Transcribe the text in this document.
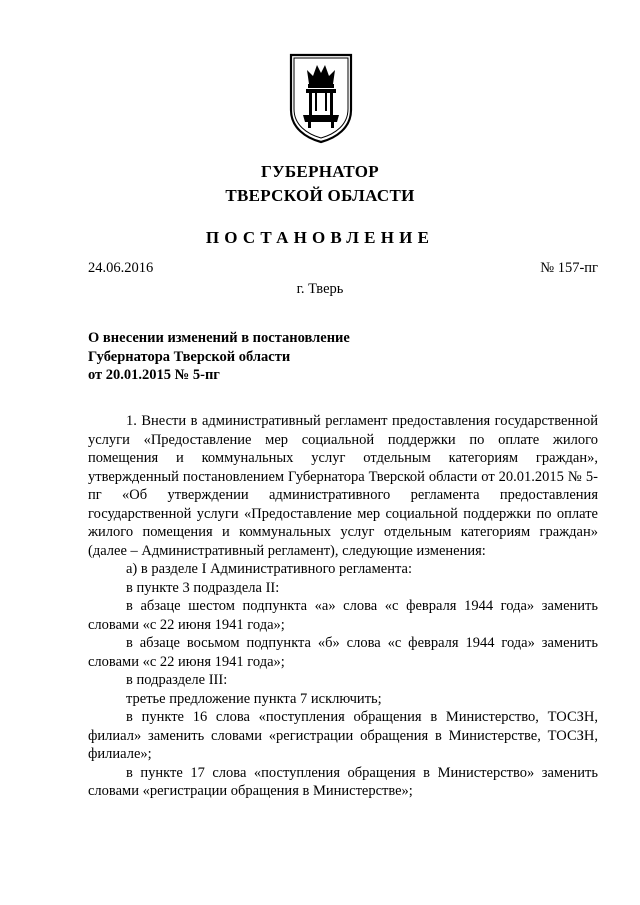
ГУБЕРНАТОР
ТВЕРСКОЙ ОБЛАСТИ
ПОСТАНОВЛЕНИЕ
24.06.2016	№ 157-пг
г. Тверь
О внесении изменений в постановление
Губернатора Тверской области
от 20.01.2015 № 5-пг

1. Внести в административный регламент предоставления государственной услуги «Предоставление мер социальной поддержки по оплате жилого помещения и коммунальных услуг отдельным категориям граждан», утвержденный постановлением Губернатора Тверской области от 20.01.2015 № 5-пг «Об утверждении административного регламента предоставления государственной услуги «Предоставление мер социальной поддержки по оплате жилого помещения и коммунальных услуг отдельным категориям граждан» (далее – Административный регламент), следующие изменения:

а) в разделе I Административного регламента:

в пункте 3 подраздела II:

в абзаце шестом подпункта «а» слова «с февраля 1944 года» заменить словами «с 22 июня 1941 года»;

в абзаце восьмом подпункта «б» слова «с февраля 1944 года» заменить словами «с 22 июня 1941 года»;

в подразделе III:

третье предложение пункта 7 исключить;

в пункте 16 слова «поступления обращения в Министерство, ТОСЗН, филиал» заменить словами «регистрации обращения в Министерстве, ТОСЗН, филиале»;

в пункте 17 слова «поступления обращения в Министерство» заменить словами «регистрации обращения в Министерстве»;
